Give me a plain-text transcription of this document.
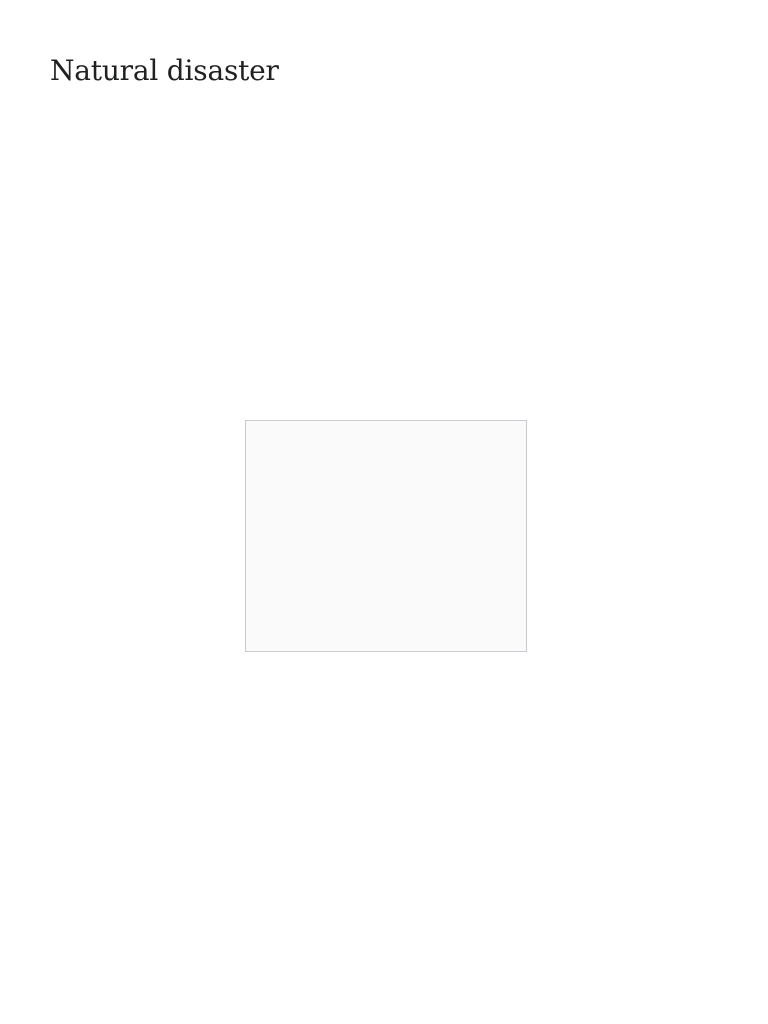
Natural disaster
